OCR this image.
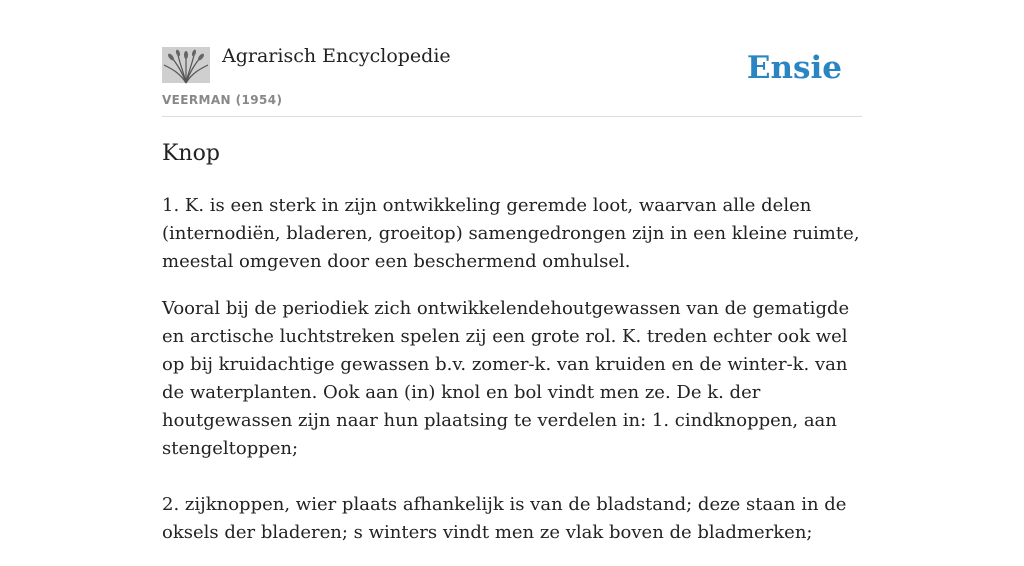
Agrarisch Encyclopedie
VEERMAN (1954)
Ensie
Knop

1. K. is een sterk in zijn ontwikkeling geremde loot, waarvan alle delen (internodiën, bladeren, groeitop) samengedrongen zijn in een kleine ruimte, meestal omgeven door een beschermend omhulsel.

Vooral bij de periodiek zich ontwikkelendehoutgewassen van de gematigde en arctische luchtstreken spelen zij een grote rol. K. treden echter ook wel op bij kruidachtige gewassen b.v. zomer-k. van kruiden en de winter-k. van de waterplanten. Ook aan (in) knol en bol vindt men ze. De k. der houtgewassen zijn naar hun plaatsing te verdelen in: 1. cindknoppen, aan stengeltoppen;

2. zijknoppen, wier plaats afhankelijk is van de bladstand; deze staan in de oksels der bladeren; s winters vindt men ze vlak boven de bladmerken;
